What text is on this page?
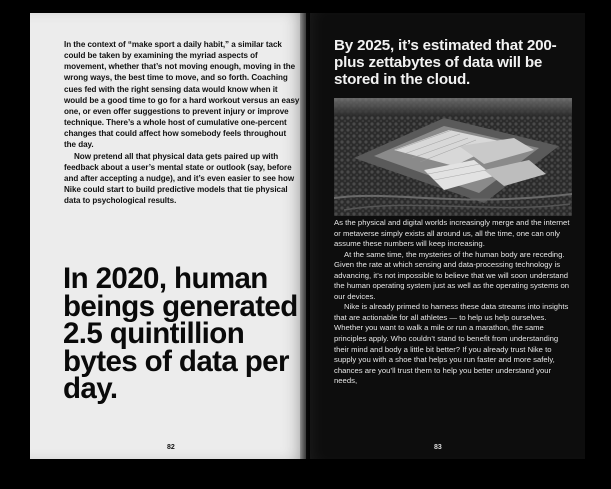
In the context of “make sport a daily habit,” a similar tack could be taken by examining the myriad aspects of movement, whether that’s not moving enough, moving in the wrong ways, the best time to move, and so forth. Coaching cues fed with the right sensing data would know when it would be a good time to go for a hard workout versus an easy one, or even offer suggestions to prevent injury or improve technique. There’s a whole host of cumulative one-percent changes that could affect how somebody feels throughout the day.

Now pretend all that physical data gets paired up with feedback about a user’s mental state or outlook (say, before and after accepting a nudge), and it’s even easier to see how Nike could start to build predictive models that tie physical data to psychological results.

In 2020, human beings generated 2.5 quintillion bytes of data per day.
82
By 2025, it’s estimated that 200-plus zettabytes of data will be stored in the cloud.

As the physical and digital worlds increasingly merge and the internet or metaverse simply exists all around us, all the time, one can only assume these numbers will keep increasing.

At the same time, the mysteries of the human body are receding. Given the rate at which sensing and data-processing technology is advancing, it’s not impossible to believe that we will soon understand the human operating system just as well as the operating systems on our devices.

Nike is already primed to harness these data streams into insights that are actionable for all athletes — to help us help ourselves. Whether you want to walk a mile or run a marathon, the same principles apply. Who couldn’t stand to benefit from understanding their mind and body a little bit better? If you already trust Nike to supply you with a shoe that helps you run faster and more safely, chances are you’ll trust them to help you better understand your needs,

83
